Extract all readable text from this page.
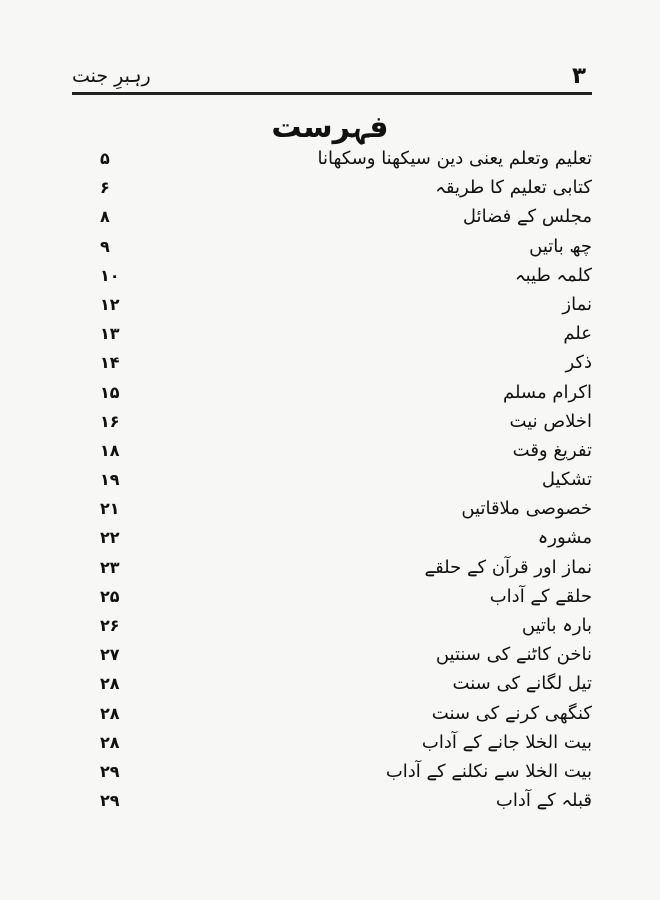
رہبرِ جنت	۳
فہرست
تعلیم وتعلم یعنی دین سیکھنا وسکھانا
۵
کتابی تعلیم کا طریقہ
۶
مجلس کے فضائل
۸
چھ باتیں
۹
کلمہ طیبہ
۱۰
نماز
۱۲
علم
۱۳
ذکر
۱۴
اکرام مسلم
۱۵
اخلاص نیت
۱۶
تفریغ وقت
۱۸
تشکیل
۱۹
خصوصی ملاقاتیں
۲۱
مشورہ
۲۲
نماز اور قرآن کے حلقے
۲۳
حلقے کے آداب
۲۵
بارہ باتیں
۲۶
ناخن کاٹنے کی سنتیں
۲۷
تیل لگانے کی سنت
۲۸
کنگھی کرنے کی سنت
۲۸
بیت الخلا جانے کے آداب
۲۸
بیت الخلا سے نکلنے کے آداب
۲۹
قبلہ کے آداب
۲۹
